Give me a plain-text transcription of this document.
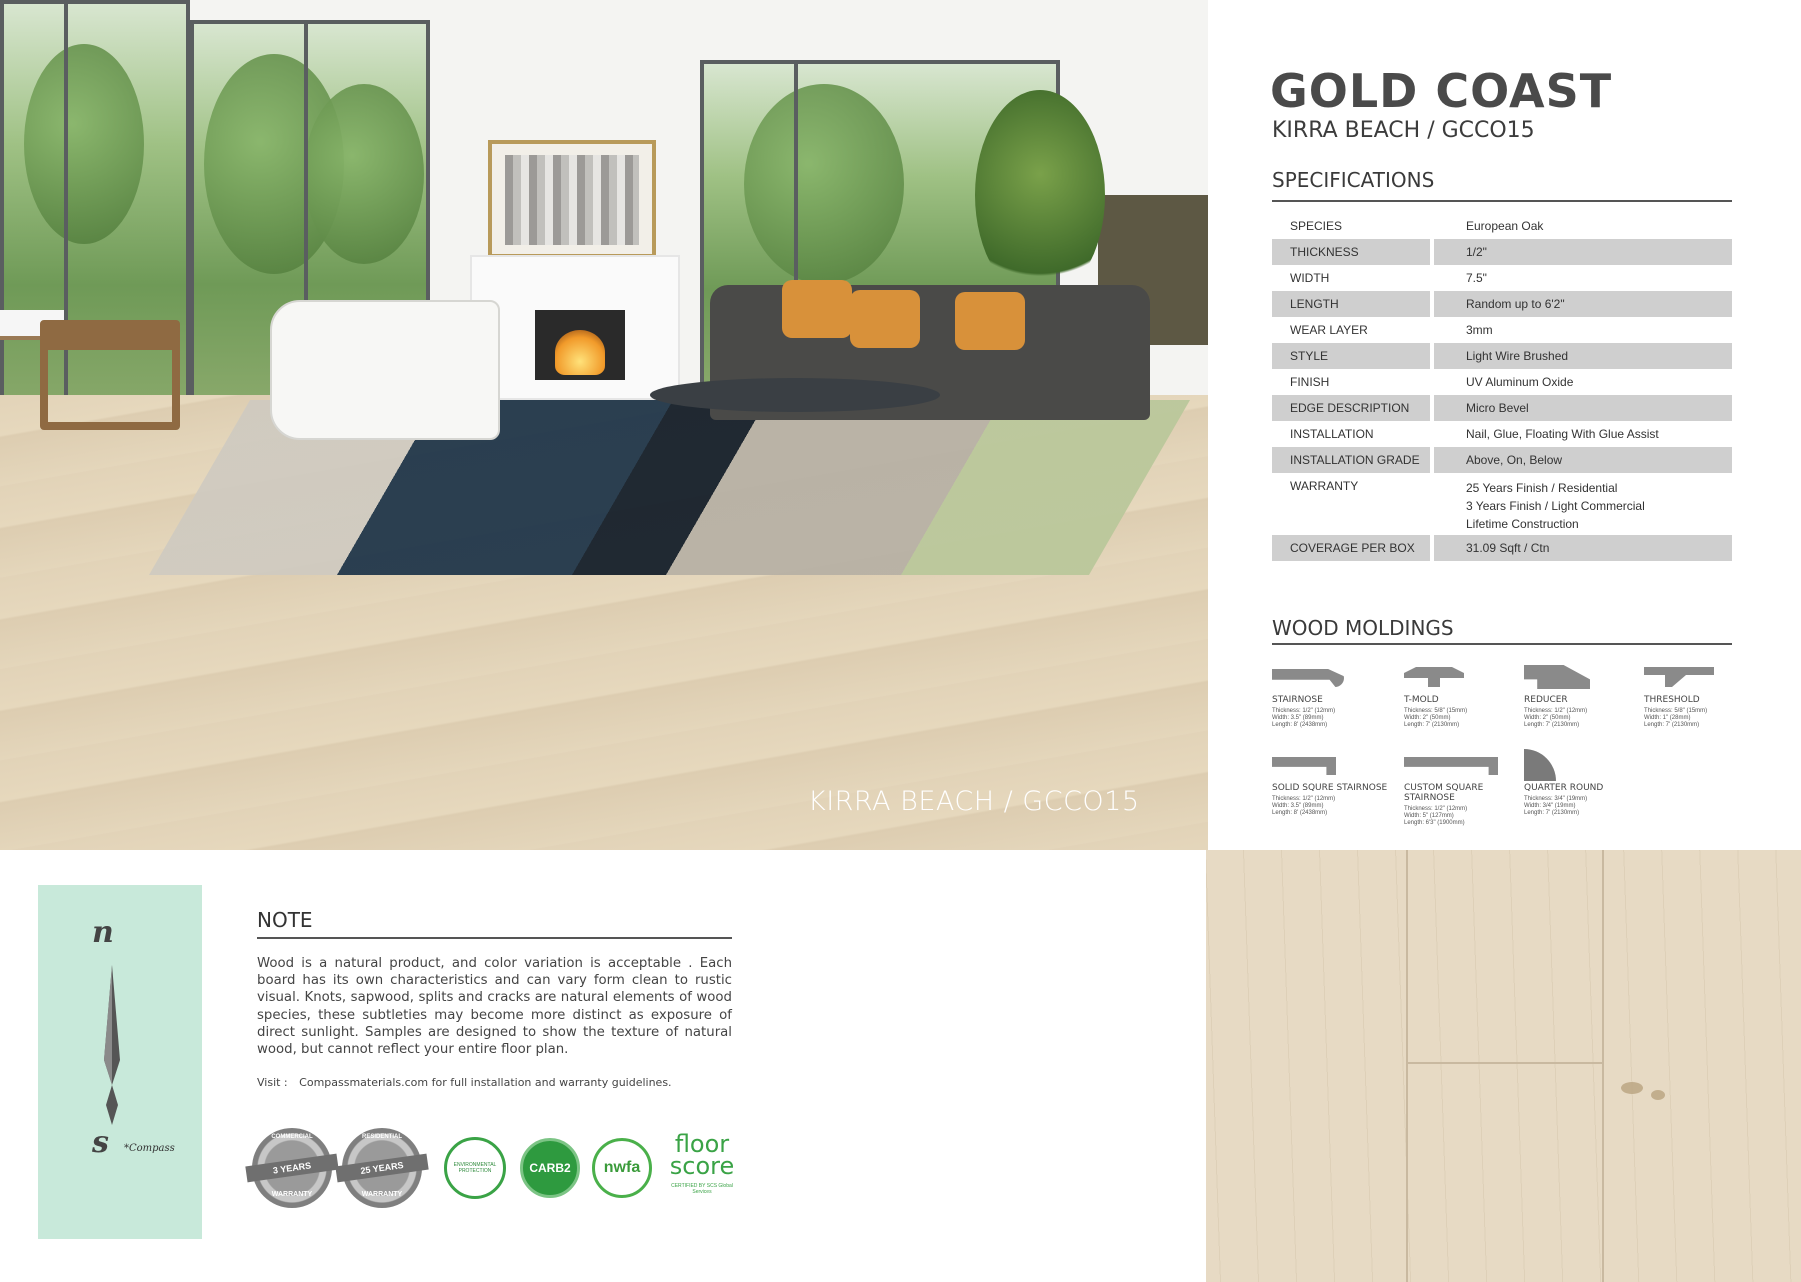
KIRRA BEACH / GCCO15
GOLD COAST
KIRRA BEACH / GCCO15
SPECIFICATIONS
SPECIES	European Oak
THICKNESS	1/2"
WIDTH	7.5"
LENGTH	Random up to 6'2"
WEAR LAYER	3mm
STYLE	Light Wire Brushed
FINISH	UV Aluminum Oxide
EDGE DESCRIPTION	Micro Bevel
INSTALLATION	Nail, Glue, Floating With Glue Assist
INSTALLATION GRADE	Above, On, Below
WARRANTY	25 Years Finish / Residential
3 Years Finish / Light Commercial
Lifetime Construction
COVERAGE PER BOX	31.09 Sqft / Ctn
WOOD MOLDINGS
STAIRNOSE
Thickness: 1/2" (12mm)
Width: 3.5" (89mm)
Length: 8' (2438mm)
T-MOLD
Thickness: 5/8" (15mm)
Width: 2" (50mm)
Length: 7' (2130mm)
REDUCER
Thickness: 1/2" (12mm)
Width: 2" (50mm)
Length: 7' (2130mm)
THRESHOLD
Thickness: 5/8" (15mm)
Width: 1" (28mm)
Length: 7' (2130mm)
SOLID SQURE STAIRNOSE
Thickness: 1/2" (12mm)
Width: 3.5" (89mm)
Length: 8' (2438mm)
CUSTOM SQUARE STAIRNOSE
Thickness: 1/2" (12mm)
Width: 5" (127mm)
Length: 6'3" (1900mm)
QUARTER ROUND
Thickness: 3/4" (19mm)
Width: 3/4" (19mm)
Length: 7' (2130mm)
n
s *Compass
NOTE
Wood is a natural product, and color variation is acceptable . Each board has its own characteristics and can vary form clean to rustic visual. Knots, sapwood, splits and cracks are natural elements of wood species, these subtleties may become more distinct as exposure of direct sunlight. Samples are designed to show the texture of natural wood, but cannot reflect your entire floor plan.
Visit : Compassmaterials.com for full installation and warranty guidelines.
COMMERCIAL
3 YEARS
WARRANTY
RESIDENTIAL
25 YEARS
WARRANTY
ENVIRONMENTAL PROTECTION	CARB2 nwfa
floor
score
CERTIFIED BY SCS Global Services
